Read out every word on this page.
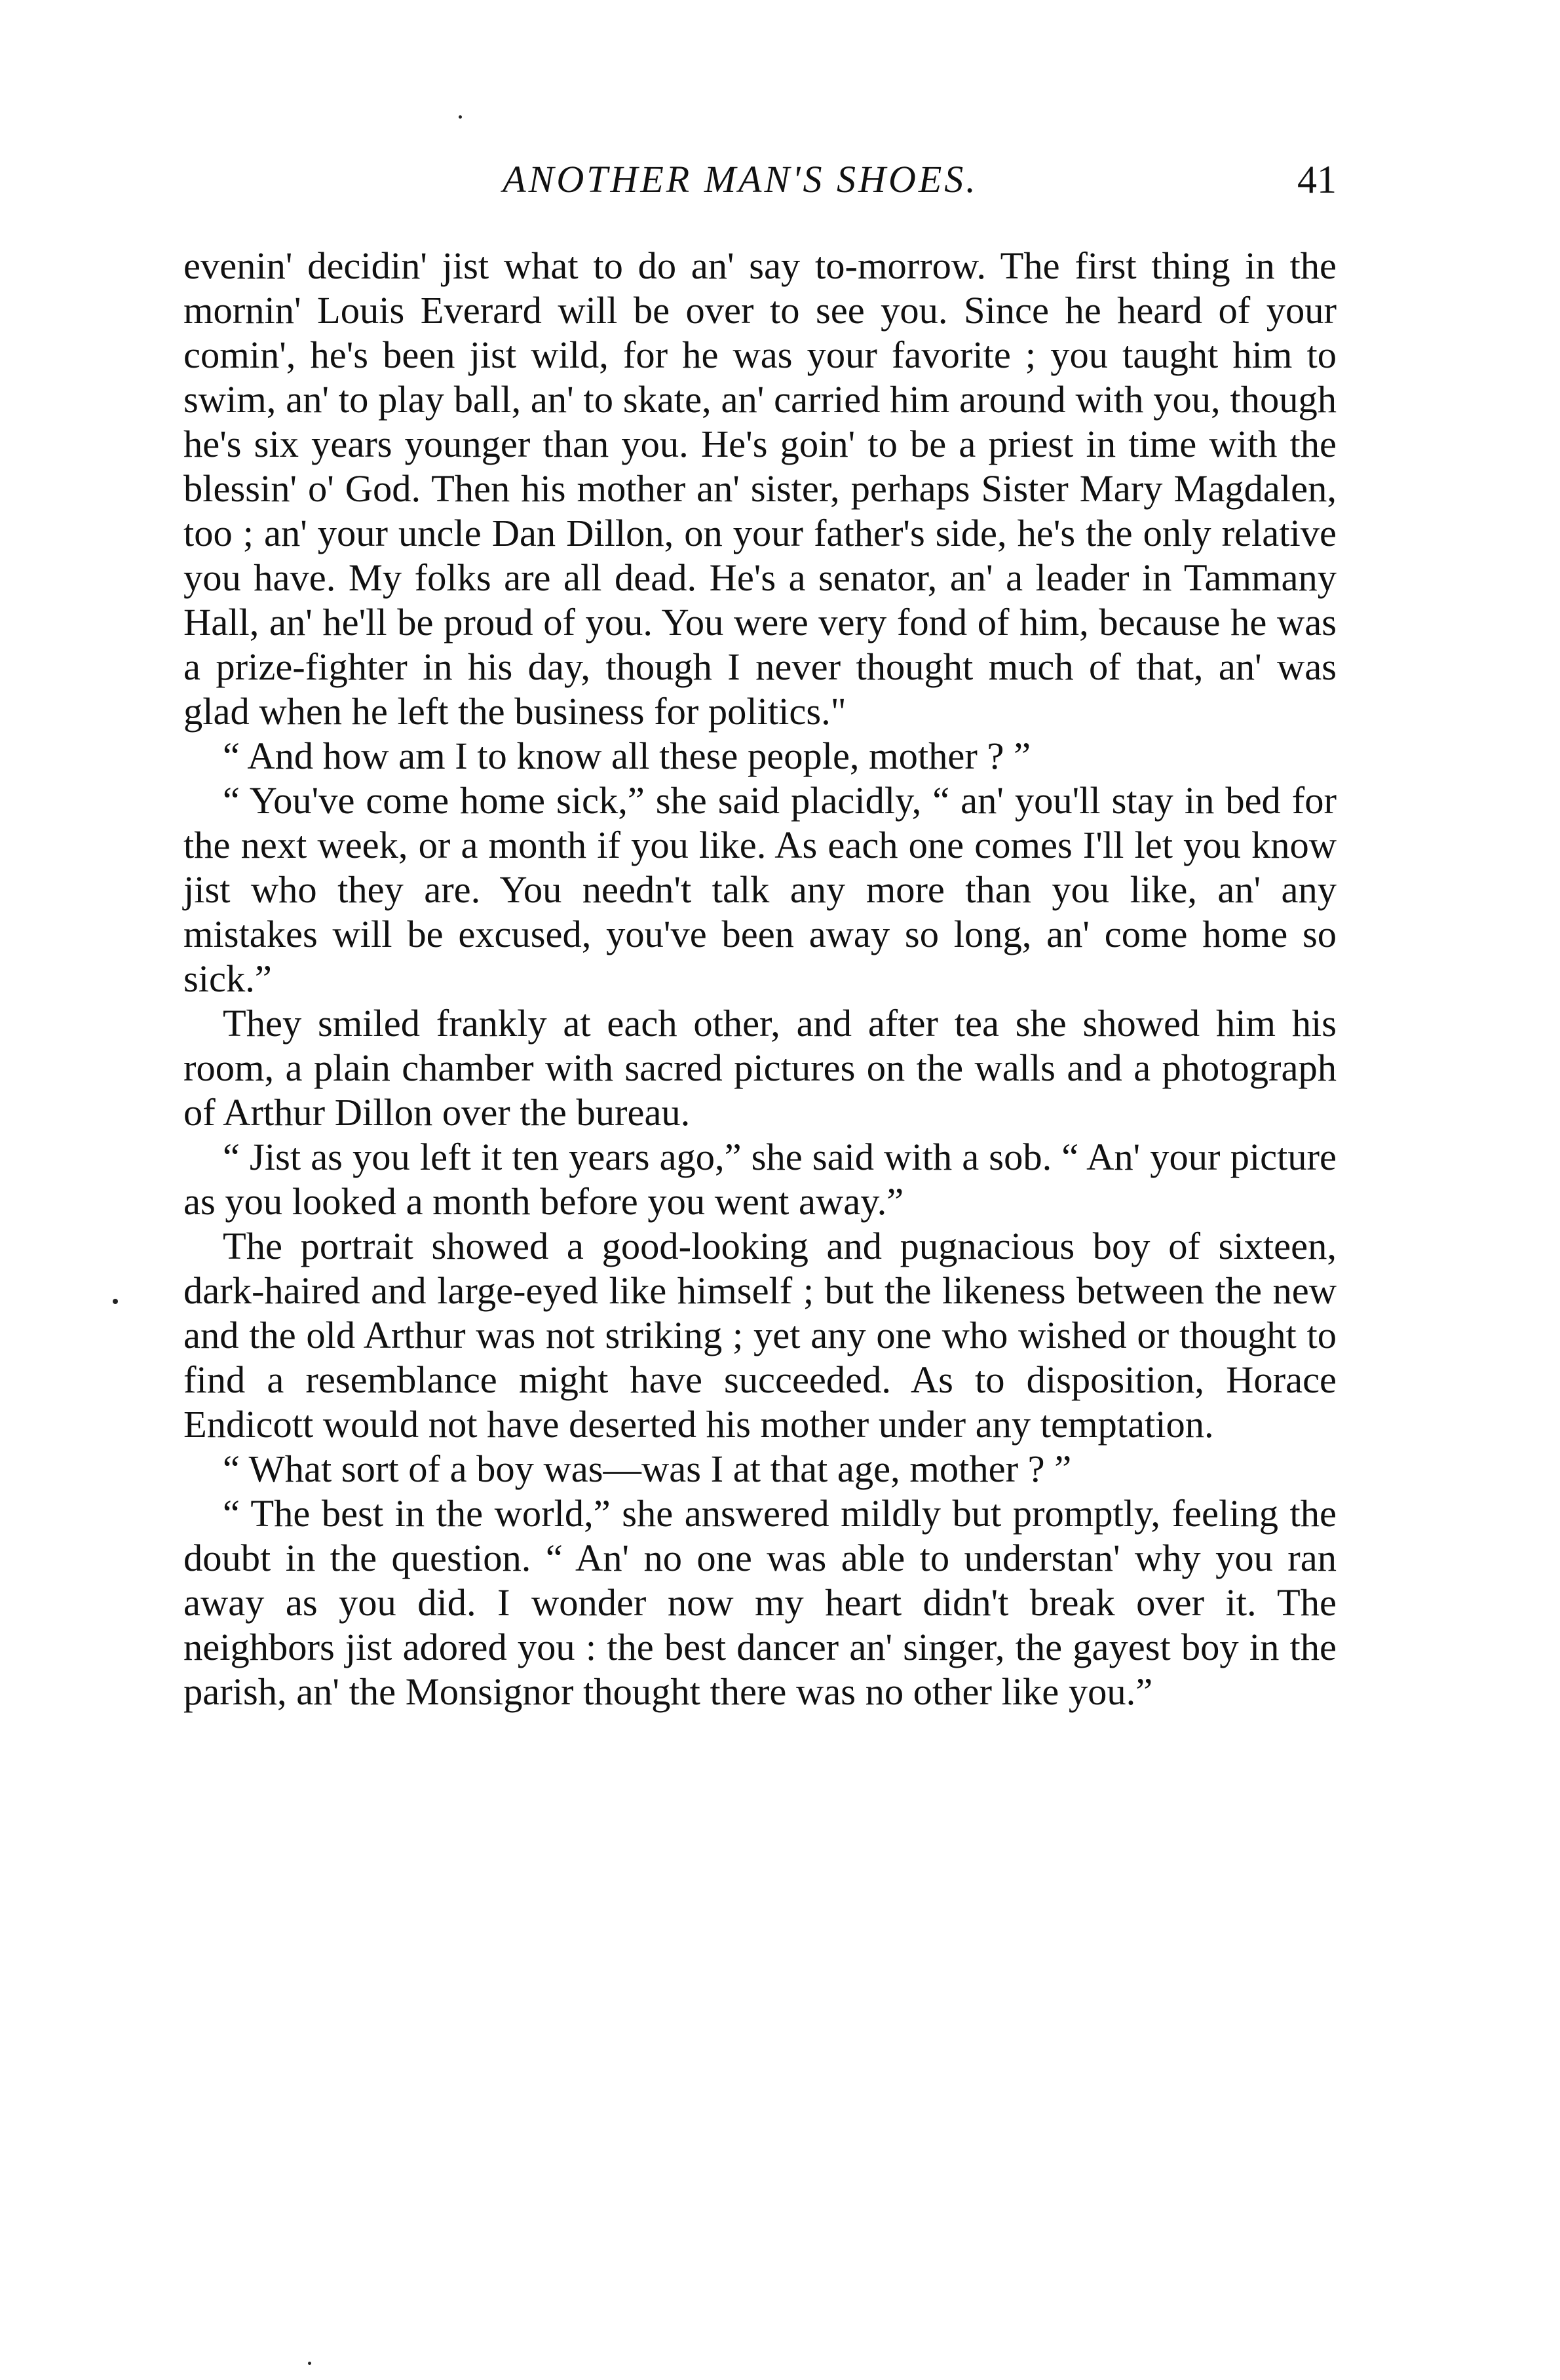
ANOTHER MAN'S SHOES.	41

evenin' decidin' jist what to do an' say to-morrow. The first thing in the mornin' Louis Everard will be over to see you. Since he heard of your comin', he's been jist wild, for he was your favorite ; you taught him to swim, an' to play ball, an' to skate, an' carried him around with you, though he's six years younger than you. He's goin' to be a priest in time with the blessin' o' God. Then his mother an' sister, perhaps Sister Mary Magdalen, too ; an' your uncle Dan Dillon, on your father's side, he's the only relative you have. My folks are all dead. He's a senator, an' a leader in Tammany Hall, an' he'll be proud of you. You were very fond of him, because he was a prize-fighter in his day, though I never thought much of that, an' was glad when he left the business for politics."

“ And how am I to know all these people, mother ? ”

“ You've come home sick,” she said placidly, “ an' you'll stay in bed for the next week, or a month if you like. As each one comes I'll let you know jist who they are. You needn't talk any more than you like, an' any mistakes will be excused, you've been away so long, an' come home so sick.”

They smiled frankly at each other, and after tea she showed him his room, a plain chamber with sacred pictures on the walls and a photograph of Arthur Dillon over the bureau.

“ Jist as you left it ten years ago,” she said with a sob. “ An' your picture as you looked a month before you went away.”

The portrait showed a good-looking and pugnacious boy of sixteen, dark-haired and large-eyed like himself ; but the likeness between the new and the old Arthur was not striking ; yet any one who wished or thought to find a resemblance might have succeeded. As to disposition, Horace Endicott would not have deserted his mother under any temptation.

“ What sort of a boy was—was I at that age, mother ? ”

“ The best in the world,” she answered mildly but promptly, feeling the doubt in the question. “ An' no one was able to understan' why you ran away as you did. I wonder now my heart didn't break over it. The neighbors jist adored you : the best dancer an' singer, the gayest boy in the parish, an' the Monsignor thought there was no other like you.”
